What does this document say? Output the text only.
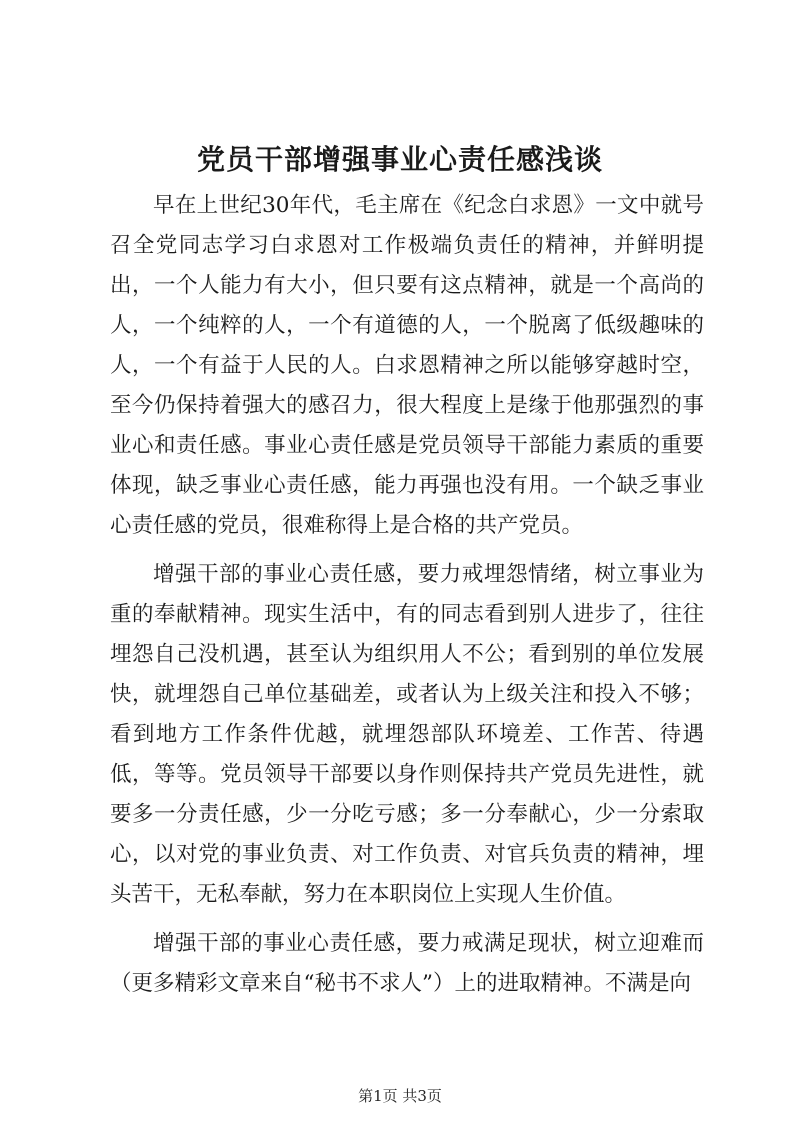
党员干部增强事业心责任感浅谈

早在上世纪30年代，毛主席在《纪念白求恩》一文中就号召全党同志学习白求恩对工作极端负责任的精神，并鲜明提出，一个人能力有大小，但只要有这点精神，就是一个高尚的人，一个纯粹的人，一个有道德的人，一个脱离了低级趣味的人，一个有益于人民的人。白求恩精神之所以能够穿越时空，至今仍保持着强大的感召力，很大程度上是缘于他那强烈的事业心和责任感。事业心责任感是党员领导干部能力素质的重要体现，缺乏事业心责任感，能力再强也没有用。一个缺乏事业心责任感的党员，很难称得上是合格的共产党员。

增强干部的事业心责任感，要力戒埋怨情绪，树立事业为重的奉献精神。现实生活中，有的同志看到别人进步了，往往埋怨自己没机遇，甚至认为组织用人不公；看到别的单位发展快，就埋怨自己单位基础差，或者认为上级关注和投入不够；看到地方工作条件优越，就埋怨部队环境差、工作苦、待遇低，等等。党员领导干部要以身作则保持共产党员先进性，就要多一分责任感，少一分吃亏感；多一分奉献心，少一分索取心，以对党的事业负责、对工作负责、对官兵负责的精神，埋头苦干，无私奉献，努力在本职岗位上实现人生价值。

增强干部的事业心责任感，要力戒满足现状，树立迎难而（更多精彩文章来自“秘书不求人”）上的进取精神。不满是向

第1页 共3页
